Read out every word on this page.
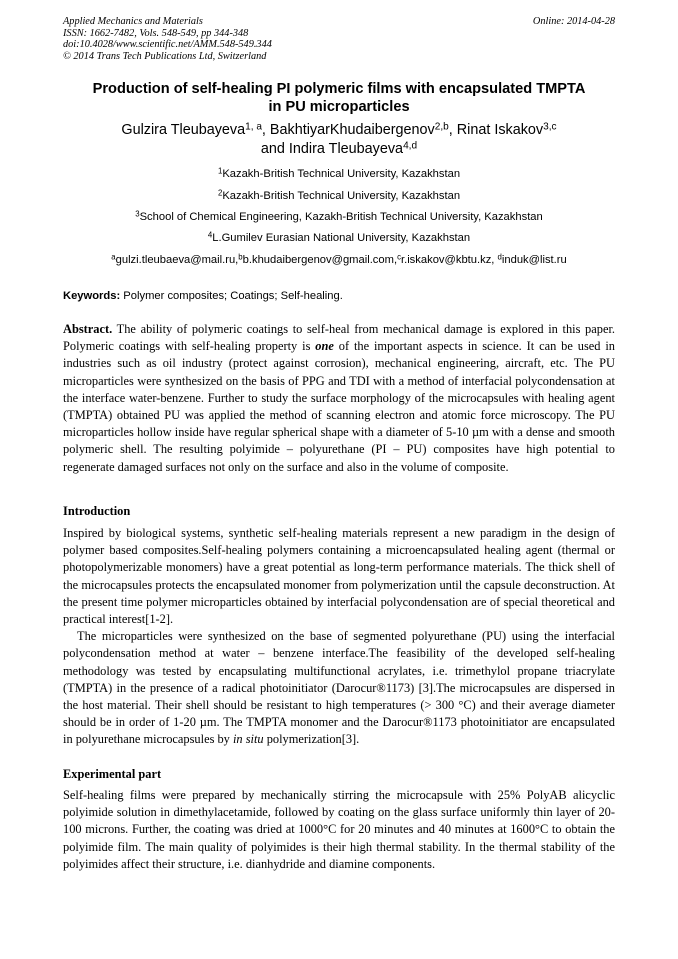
Applied Mechanics and Materials
ISSN: 1662-7482, Vols. 548-549, pp 344-348
doi:10.4028/www.scientific.net/AMM.548-549.344
© 2014 Trans Tech Publications Ltd, Switzerland
Online: 2014-04-28
Production of self-healing PI polymeric films with encapsulated TMPTA
in PU microparticles
Gulzira Tleubayeva$^{1, a}$, BakhtiyarKhudaibergenov$^{2,b}$, Rinat Iskakov$^{3,c}$
and Indira Tleubayeva$^{4,d}$
$^1$Kazakh-British Technical University, Kazakhstan
$^2$Kazakh-British Technical University, Kazakhstan
$^3$School of Chemical Engineering, Kazakh-British Technical University, Kazakhstan
$^4$L.Gumilev Eurasian National University, Kazakhstan
$^a$gulzi.tleubaeva@mail.ru,$^b$b.khudaibergenov@gmail.com,$^c$r.iskakov@kbtu.kz, $^d$induk@list.ru
Keywords: Polymer composites; Coatings; Self-healing.

Abstract. The ability of polymeric coatings to self-heal from mechanical damage is explored in this paper. Polymeric coatings with self-healing property is one of the important aspects in science. It can be used in industries such as oil industry (protect against corrosion), mechanical engineering, aircraft, etc. The PU microparticles were synthesized on the basis of PPG and TDI with a method of interfacial polycondensation at the interface water-benzene. Further to study the surface morphology of the microcapsules with healing agent (TMPTA) obtained PU was applied the method of scanning electron and atomic force microscopy. The PU microparticles hollow inside have regular spherical shape with a diameter of 5-10 µm with a dense and smooth polymeric shell. The resulting polyimide – polyurethane (PI – PU) composites have high potential to regenerate damaged surfaces not only on the surface and also in the volume of composite.

Introduction

Inspired by biological systems, synthetic self-healing materials represent a new paradigm in the design of polymer based composites.Self-healing polymers containing a microencapsulated healing agent (thermal or photopolymerizable monomers) have a great potential as long-term performance materials. The thick shell of the microcapsules protects the encapsulated monomer from polymerization until the capsule deconstruction. At the present time polymer microparticles obtained by interfacial polycondensation are of special theoretical and practical interest[1-2].

The microparticles were synthesized on the base of segmented polyurethane (PU) using the interfacial polycondensation method at water – benzene interface.The feasibility of the developed self-healing methodology was tested by encapsulating multifunctional acrylates, i.e. trimethylol propane triacrylate (TMPTA) in the presence of a radical photoinitiator (Darocur®1173) [3].The microcapsules are dispersed in the host material. Their shell should be resistant to high temperatures (> 300 °C) and their average diameter should be in order of 1-20 µm. The TMPTA monomer and the Darocur®1173 photoinitiator are encapsulated in polyurethane microcapsules by in situ polymerization[3].

Experimental part

Self-healing films were prepared by mechanically stirring the microcapsule with 25% PolyAB alicyclic polyimide solution in dimethylacetamide, followed by coating on the glass surface uniformly thin layer of 20-100 microns. Further, the coating was dried at 1000°C for 20 minutes and 40 minutes at 1600°C to obtain the polyimide film. The main quality of polyimides is their high thermal stability. In the thermal stability of the polyimides affect their structure, i.e. dianhydride and diamine components.
